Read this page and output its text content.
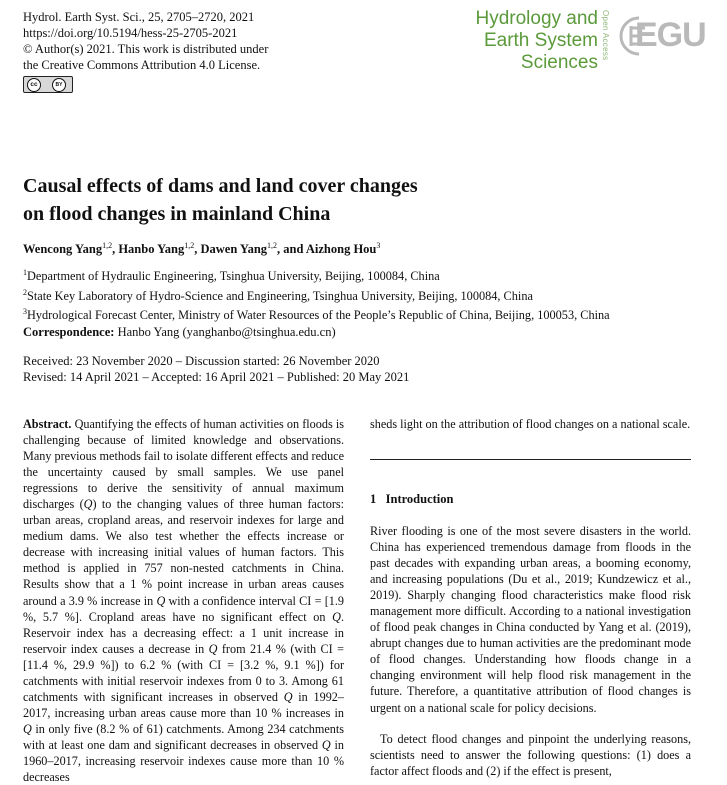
Hydrol. Earth Syst. Sci., 25, 2705–2720, 2021
https://doi.org/10.5194/hess-25-2705-2021
© Author(s) 2021. This work is distributed under
the Creative Commons Attribution 4.0 License.
cc	BY
Hydrology and
Earth System
Sciences
Open Access EGU
Causal effects of dams and land cover changes
on flood changes in mainland China
Wencong Yang$^{1,2}$, Hanbo Yang$^{1,2}$, Dawen Yang$^{1,2}$, and Aizhong Hou$^3$
$^1$Department of Hydraulic Engineering, Tsinghua University, Beijing, 100084, China
$^2$State Key Laboratory of Hydro-Science and Engineering, Tsinghua University, Beijing, 100084, China
$^3$Hydrological Forecast Center, Ministry of Water Resources of the People’s Republic of China, Beijing, 100053, China
Correspondence: Hanbo Yang (yanghanbo@tsinghua.edu.cn)
Received: 23 November 2020 – Discussion started: 26 November 2020
Revised: 14 April 2021 – Accepted: 16 April 2021 – Published: 20 May 2021

Abstract. Quantifying the effects of human activities on floods is challenging because of limited knowledge and observations. Many previous methods fail to isolate different effects and reduce the uncertainty caused by small samples. We use panel regressions to derive the sensitivity of annual maximum discharges (Q) to the changing values of three human factors: urban areas, cropland areas, and reservoir indexes for large and medium dams. We also test whether the effects increase or decrease with increasing initial values of human factors. This method is applied in 757 non-nested catchments in China. Results show that a 1 % point increase in urban areas causes around a 3.9 % increase in Q with a confidence interval CI = [1.9 %, 5.7 %]. Cropland areas have no significant effect on Q. Reservoir index has a decreasing effect: a 1 unit increase in reservoir index causes a decrease in Q from 21.4 % (with CI = [11.4 %, 29.9 %]) to 6.2 % (with CI = [3.2 %, 9.1 %]) for catchments with initial reservoir indexes from 0 to 3. Among 61 catchments with significant increases in observed Q in 1992–2017, increasing urban areas cause more than 10 % increases in Q in only five (8.2 % of 61) catchments. Among 234 catchments with at least one dam and significant decreases in observed Q in 1960–2017, increasing reservoir indexes cause more than 10 % decreases

sheds light on the attribution of flood changes on a national scale.
1 Introduction
River flooding is one of the most severe disasters in the world. China has experienced tremendous damage from floods in the past decades with expanding urban areas, a booming economy, and increasing populations (Du et al., 2019; Kundzewicz et al., 2019). Sharply changing flood characteristics make flood risk management more difficult. According to a national investigation of flood peak changes in China conducted by Yang et al. (2019), abrupt changes due to human activities are the predominant mode of flood changes. Understanding how floods change in a changing environment will help flood risk management in the future. Therefore, a quantitative attribution of flood changes is urgent on a national scale for policy decisions.
To detect flood changes and pinpoint the underlying reasons, scientists need to answer the following questions: (1) does a factor affect floods and (2) if the effect is present,
